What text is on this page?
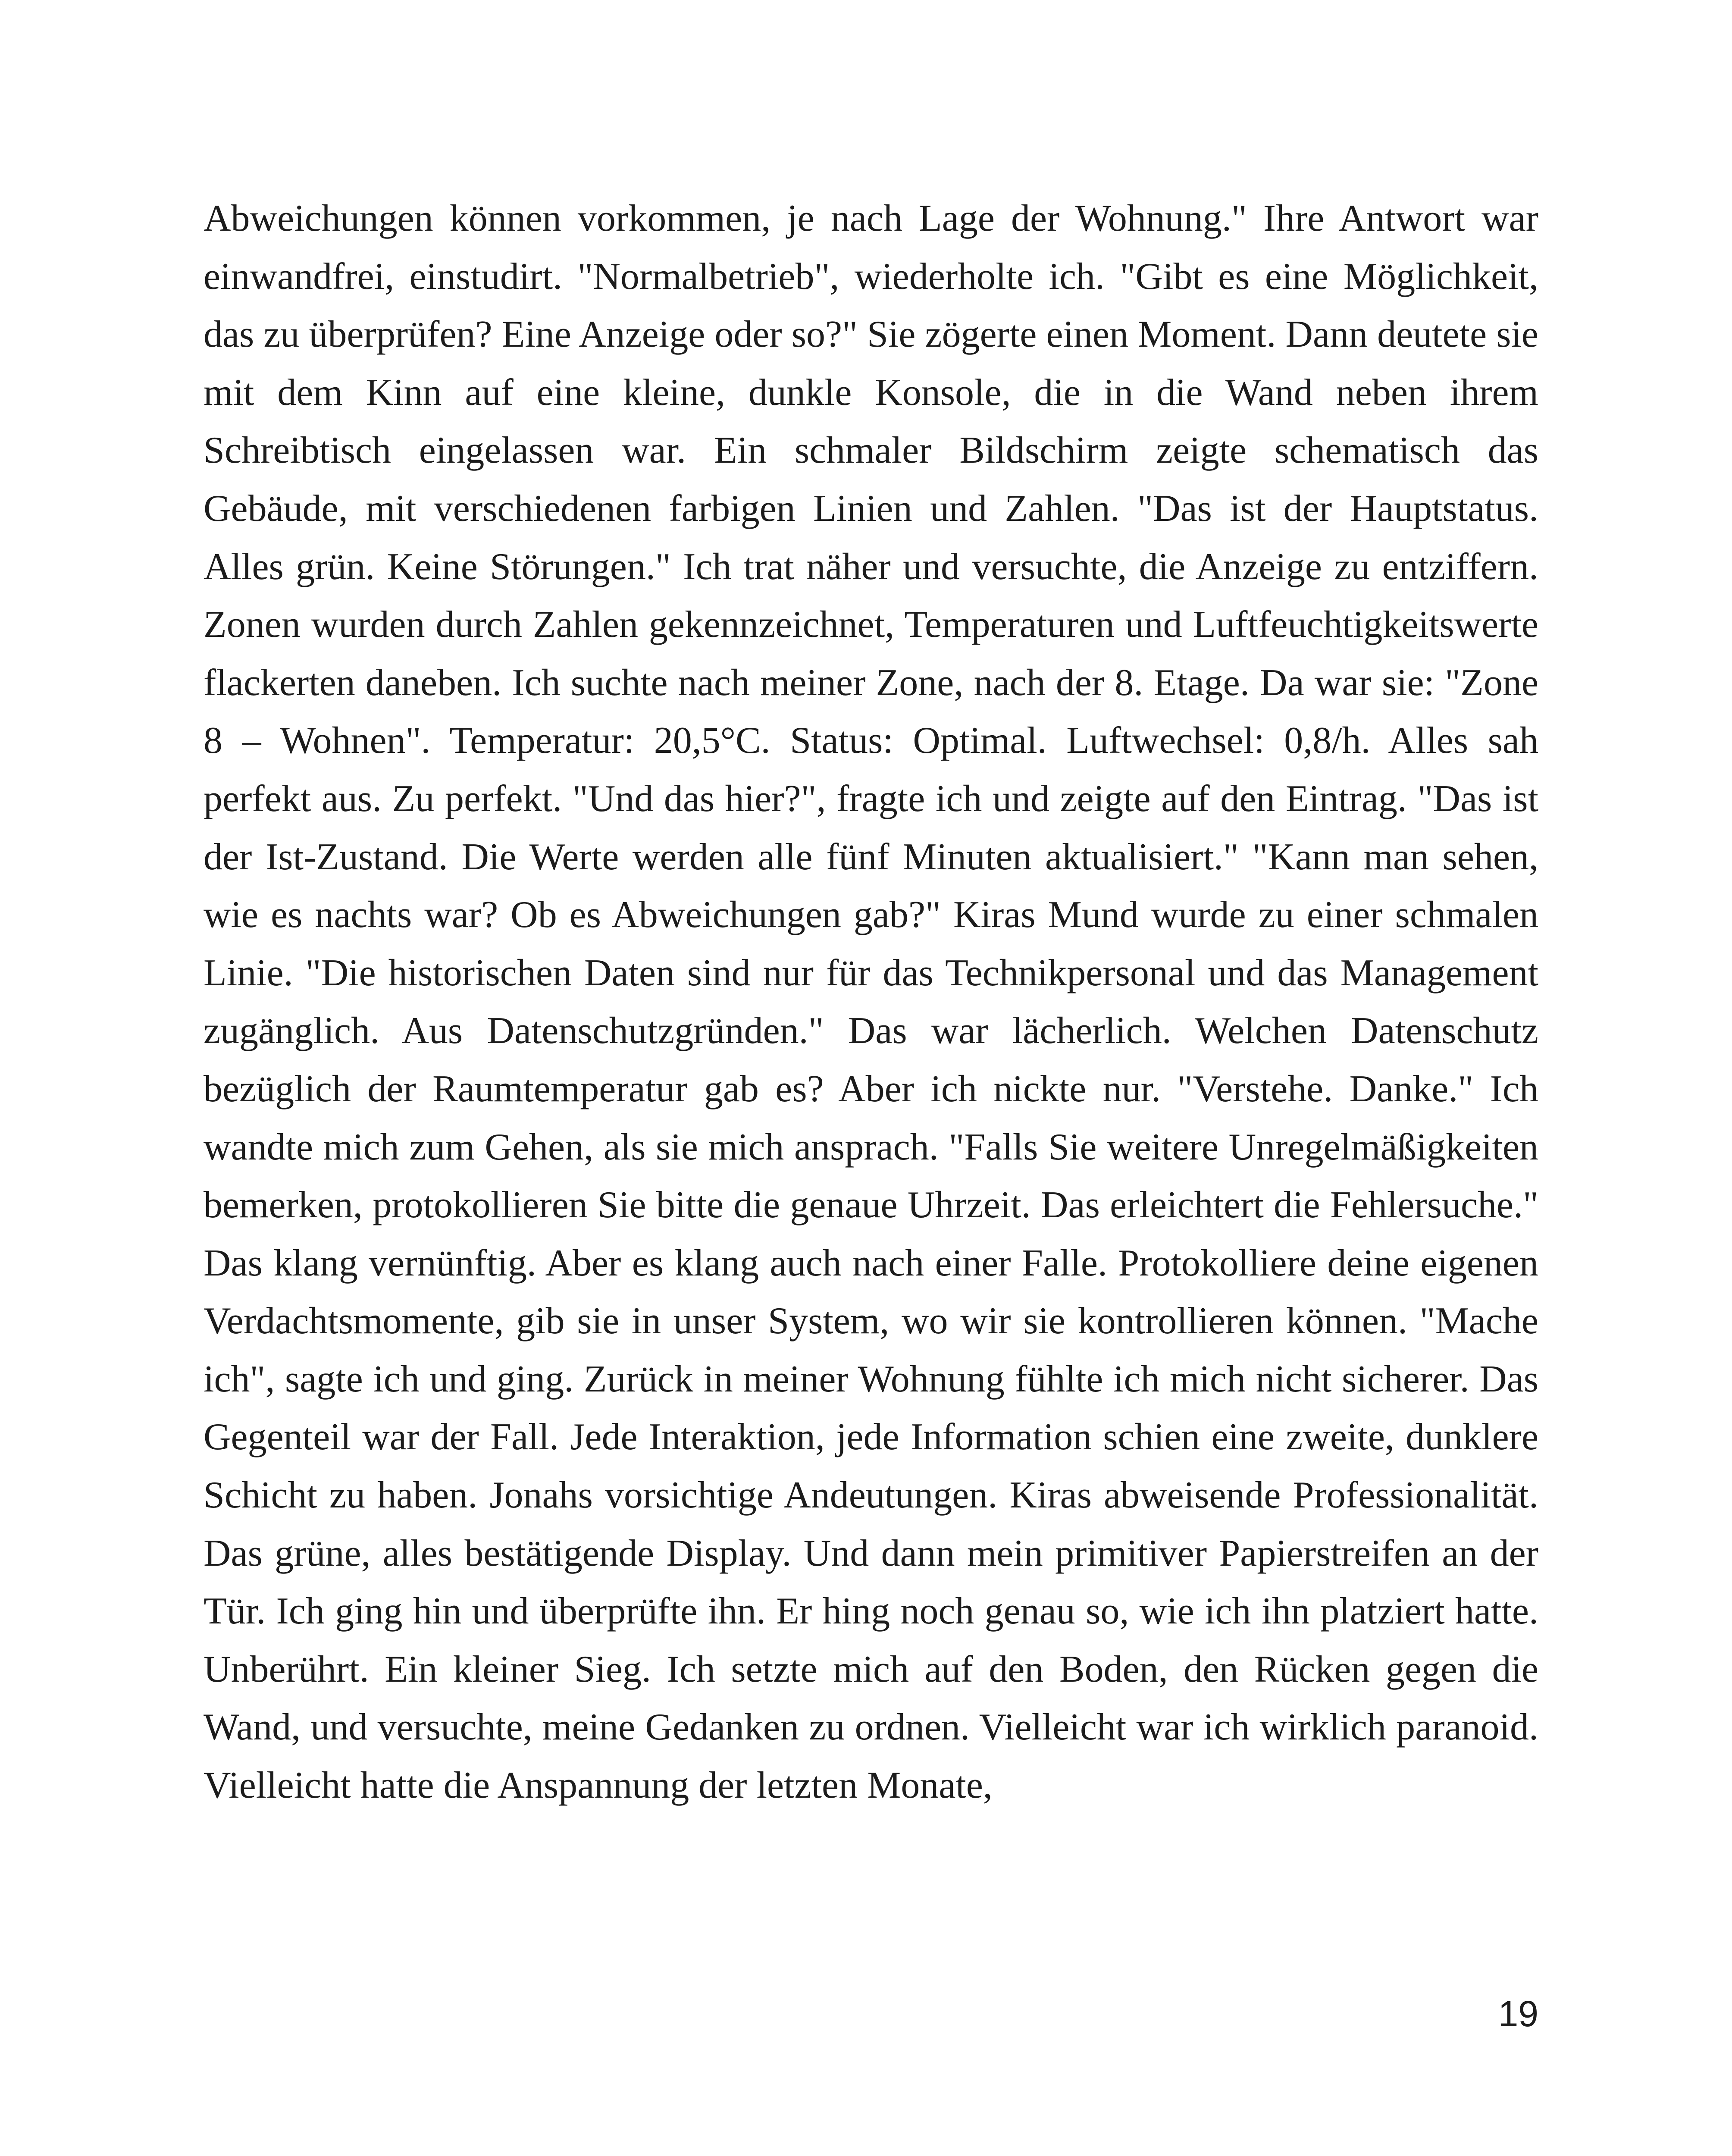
Abweichungen können vorkommen, je nach Lage der Wohnung." Ihre Antwort war einwandfrei, einstudirt. "Normalbetrieb", wiederholte ich. "Gibt es eine Möglichkeit, das zu überprüfen? Eine Anzeige oder so?" Sie zögerte einen Moment. Dann deutete sie mit dem Kinn auf eine kleine, dunkle Konsole, die in die Wand neben ihrem Schreibtisch eingelassen war. Ein schmaler Bildschirm zeigte schematisch das Gebäude, mit verschiedenen farbigen Linien und Zahlen. "Das ist der Hauptstatus. Alles grün. Keine Störungen." Ich trat näher und versuchte, die Anzeige zu entziffern. Zonen wurden durch Zahlen gekennzeichnet, Temperaturen und Luftfeuchtigkeitswerte flackerten daneben. Ich suchte nach meiner Zone, nach der 8. Etage. Da war sie: "Zone 8 – Wohnen". Temperatur: 20,5°C. Status: Optimal. Luftwechsel: 0,8/h. Alles sah perfekt aus. Zu perfekt. "Und das hier?", fragte ich und zeigte auf den Eintrag. "Das ist der Ist-Zustand. Die Werte werden alle fünf Minuten aktualisiert." "Kann man sehen, wie es nachts war? Ob es Abweichungen gab?" Kiras Mund wurde zu einer schmalen Linie. "Die historischen Daten sind nur für das Technikpersonal und das Management zugänglich. Aus Datenschutzgründen." Das war lächerlich. Welchen Datenschutz bezüglich der Raumtemperatur gab es? Aber ich nickte nur. "Verstehe. Danke." Ich wandte mich zum Gehen, als sie mich ansprach. "Falls Sie weitere Unregelmäßigkeiten bemerken, protokollieren Sie bitte die genaue Uhrzeit. Das erleichtert die Fehlersuche." Das klang vernünftig. Aber es klang auch nach einer Falle. Protokolliere deine eigenen Verdachtsmomente, gib sie in unser System, wo wir sie kontrollieren können. "Mache ich", sagte ich und ging. Zurück in meiner Wohnung fühlte ich mich nicht sicherer. Das Gegenteil war der Fall. Jede Interaktion, jede Information schien eine zweite, dunklere Schicht zu haben. Jonahs vorsichtige Andeutungen. Kiras abweisende Professionalität. Das grüne, alles bestätigende Display. Und dann mein primitiver Papierstreifen an der Tür. Ich ging hin und überprüfte ihn. Er hing noch genau so, wie ich ihn platziert hatte. Unberührt. Ein kleiner Sieg. Ich setzte mich auf den Boden, den Rücken gegen die Wand, und versuchte, meine Gedanken zu ordnen. Vielleicht war ich wirklich paranoid. Vielleicht hatte die Anspannung der letzten Monate,

19
